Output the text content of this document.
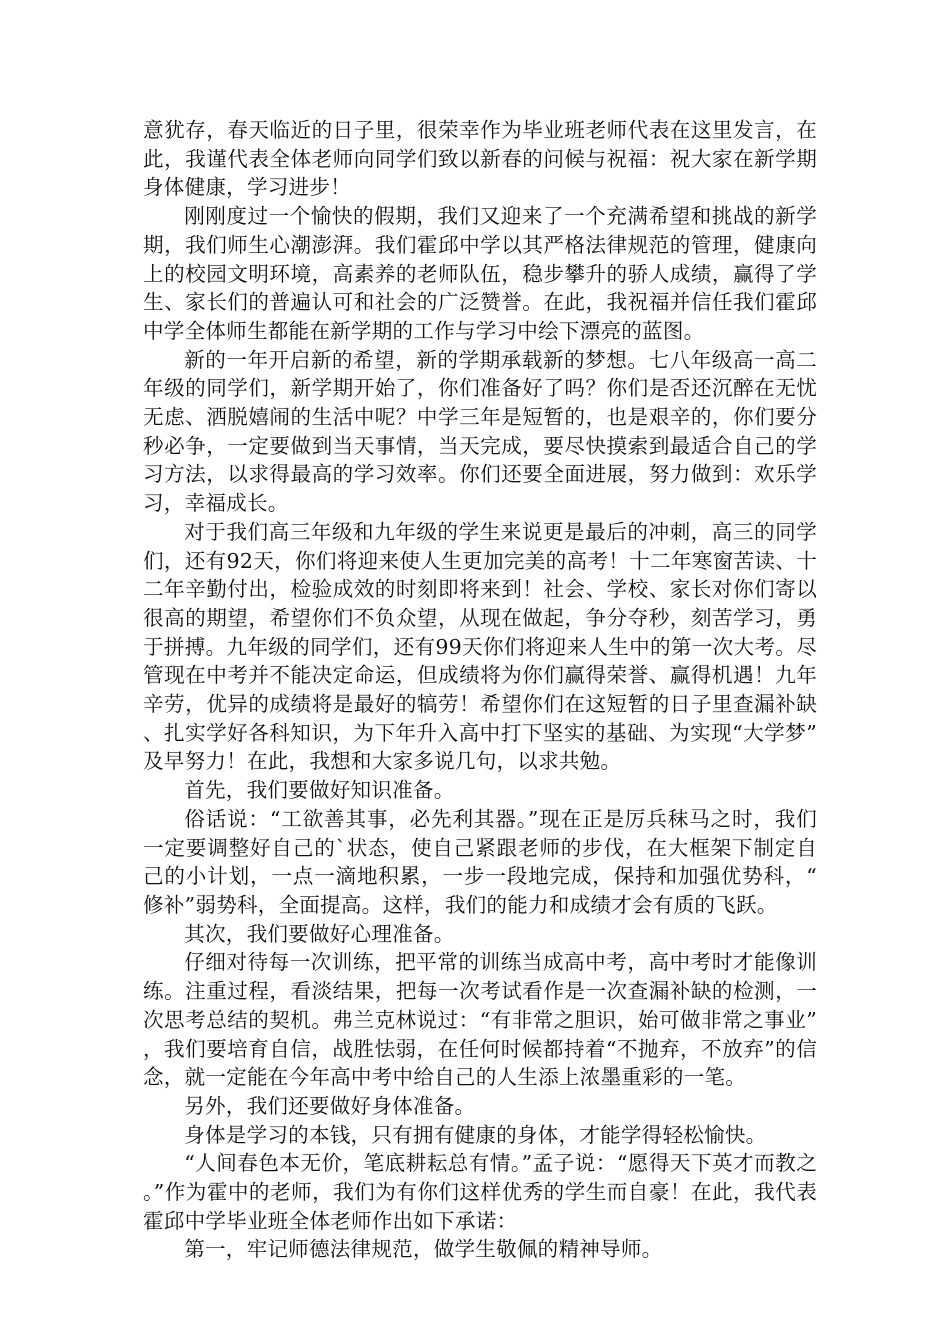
意犹存，春天临近的日子里，很荣幸作为毕业班老师代表在这里发言，在此，我谨代表全体老师向同学们致以新春的问候与祝福：祝大家在新学期身体健康，学习进步！

刚刚度过一个愉快的假期，我们又迎来了一个充满希望和挑战的新学期，我们师生心潮澎湃。我们霍邱中学以其严格法律规范的管理，健康向上的校园文明环境，高素养的老师队伍，稳步攀升的骄人成绩，赢得了学生、家长们的普遍认可和社会的广泛赞誉。在此，我祝福并信任我们霍邱中学全体师生都能在新学期的工作与学习中绘下漂亮的蓝图。

新的一年开启新的希望，新的学期承载新的梦想。七八年级高一高二年级的同学们，新学期开始了，你们准备好了吗？你们是否还沉醉在无忧无虑、洒脱嬉闹的生活中呢？中学三年是短暂的，也是艰辛的，你们要分秒必争，一定要做到当天事情，当天完成，要尽快摸索到最适合自己的学习方法，以求得最高的学习效率。你们还要全面进展，努力做到：欢乐学习，幸福成长。

对于我们高三年级和九年级的学生来说更是最后的冲刺，高三的同学们，还有92天，你们将迎来使人生更加完美的高考！十二年寒窗苦读、十二年辛勤付出，检验成效的时刻即将来到！社会、学校、家长对你们寄以很高的期望，希望你们不负众望，从现在做起，争分夺秒，刻苦学习，勇于拼搏。九年级的同学们，还有99天你们将迎来人生中的第一次大考。尽管现在中考并不能决定命运，但成绩将为你们赢得荣誉、赢得机遇！九年辛劳，优异的成绩将是最好的犒劳！希望你们在这短暂的日子里查漏补缺、扎实学好各科知识，为下年升入高中打下坚实的基础、为实现“大学梦”及早努力！在此，我想和大家多说几句，以求共勉。

首先，我们要做好知识准备。

俗话说：“工欲善其事，必先利其器。”现在正是厉兵秣马之时，我们一定要调整好自己的`状态，使自己紧跟老师的步伐，在大框架下制定自己的小计划，一点一滴地积累，一步一段地完成，保持和加强优势科，“修补”弱势科，全面提高。这样，我们的能力和成绩才会有质的飞跃。

其次，我们要做好心理准备。

仔细对待每一次训练，把平常的训练当成高中考，高中考时才能像训练。注重过程，看淡结果，把每一次考试看作是一次查漏补缺的检测，一次思考总结的契机。弗兰克林说过：“有非常之胆识，始可做非常之事业”，我们要培育自信，战胜怯弱，在任何时候都持着“不抛弃，不放弃”的信念，就一定能在今年高中考中给自己的人生添上浓墨重彩的一笔。

另外，我们还要做好身体准备。

身体是学习的本钱，只有拥有健康的身体，才能学得轻松愉快。

“人间春色本无价，笔底耕耘总有情。”孟子说：“愿得天下英才而教之。”作为霍中的老师，我们为有你们这样优秀的学生而自豪！在此，我代表霍邱中学毕业班全体老师作出如下承诺：

第一，牢记师德法律规范，做学生敬佩的精神导师。
